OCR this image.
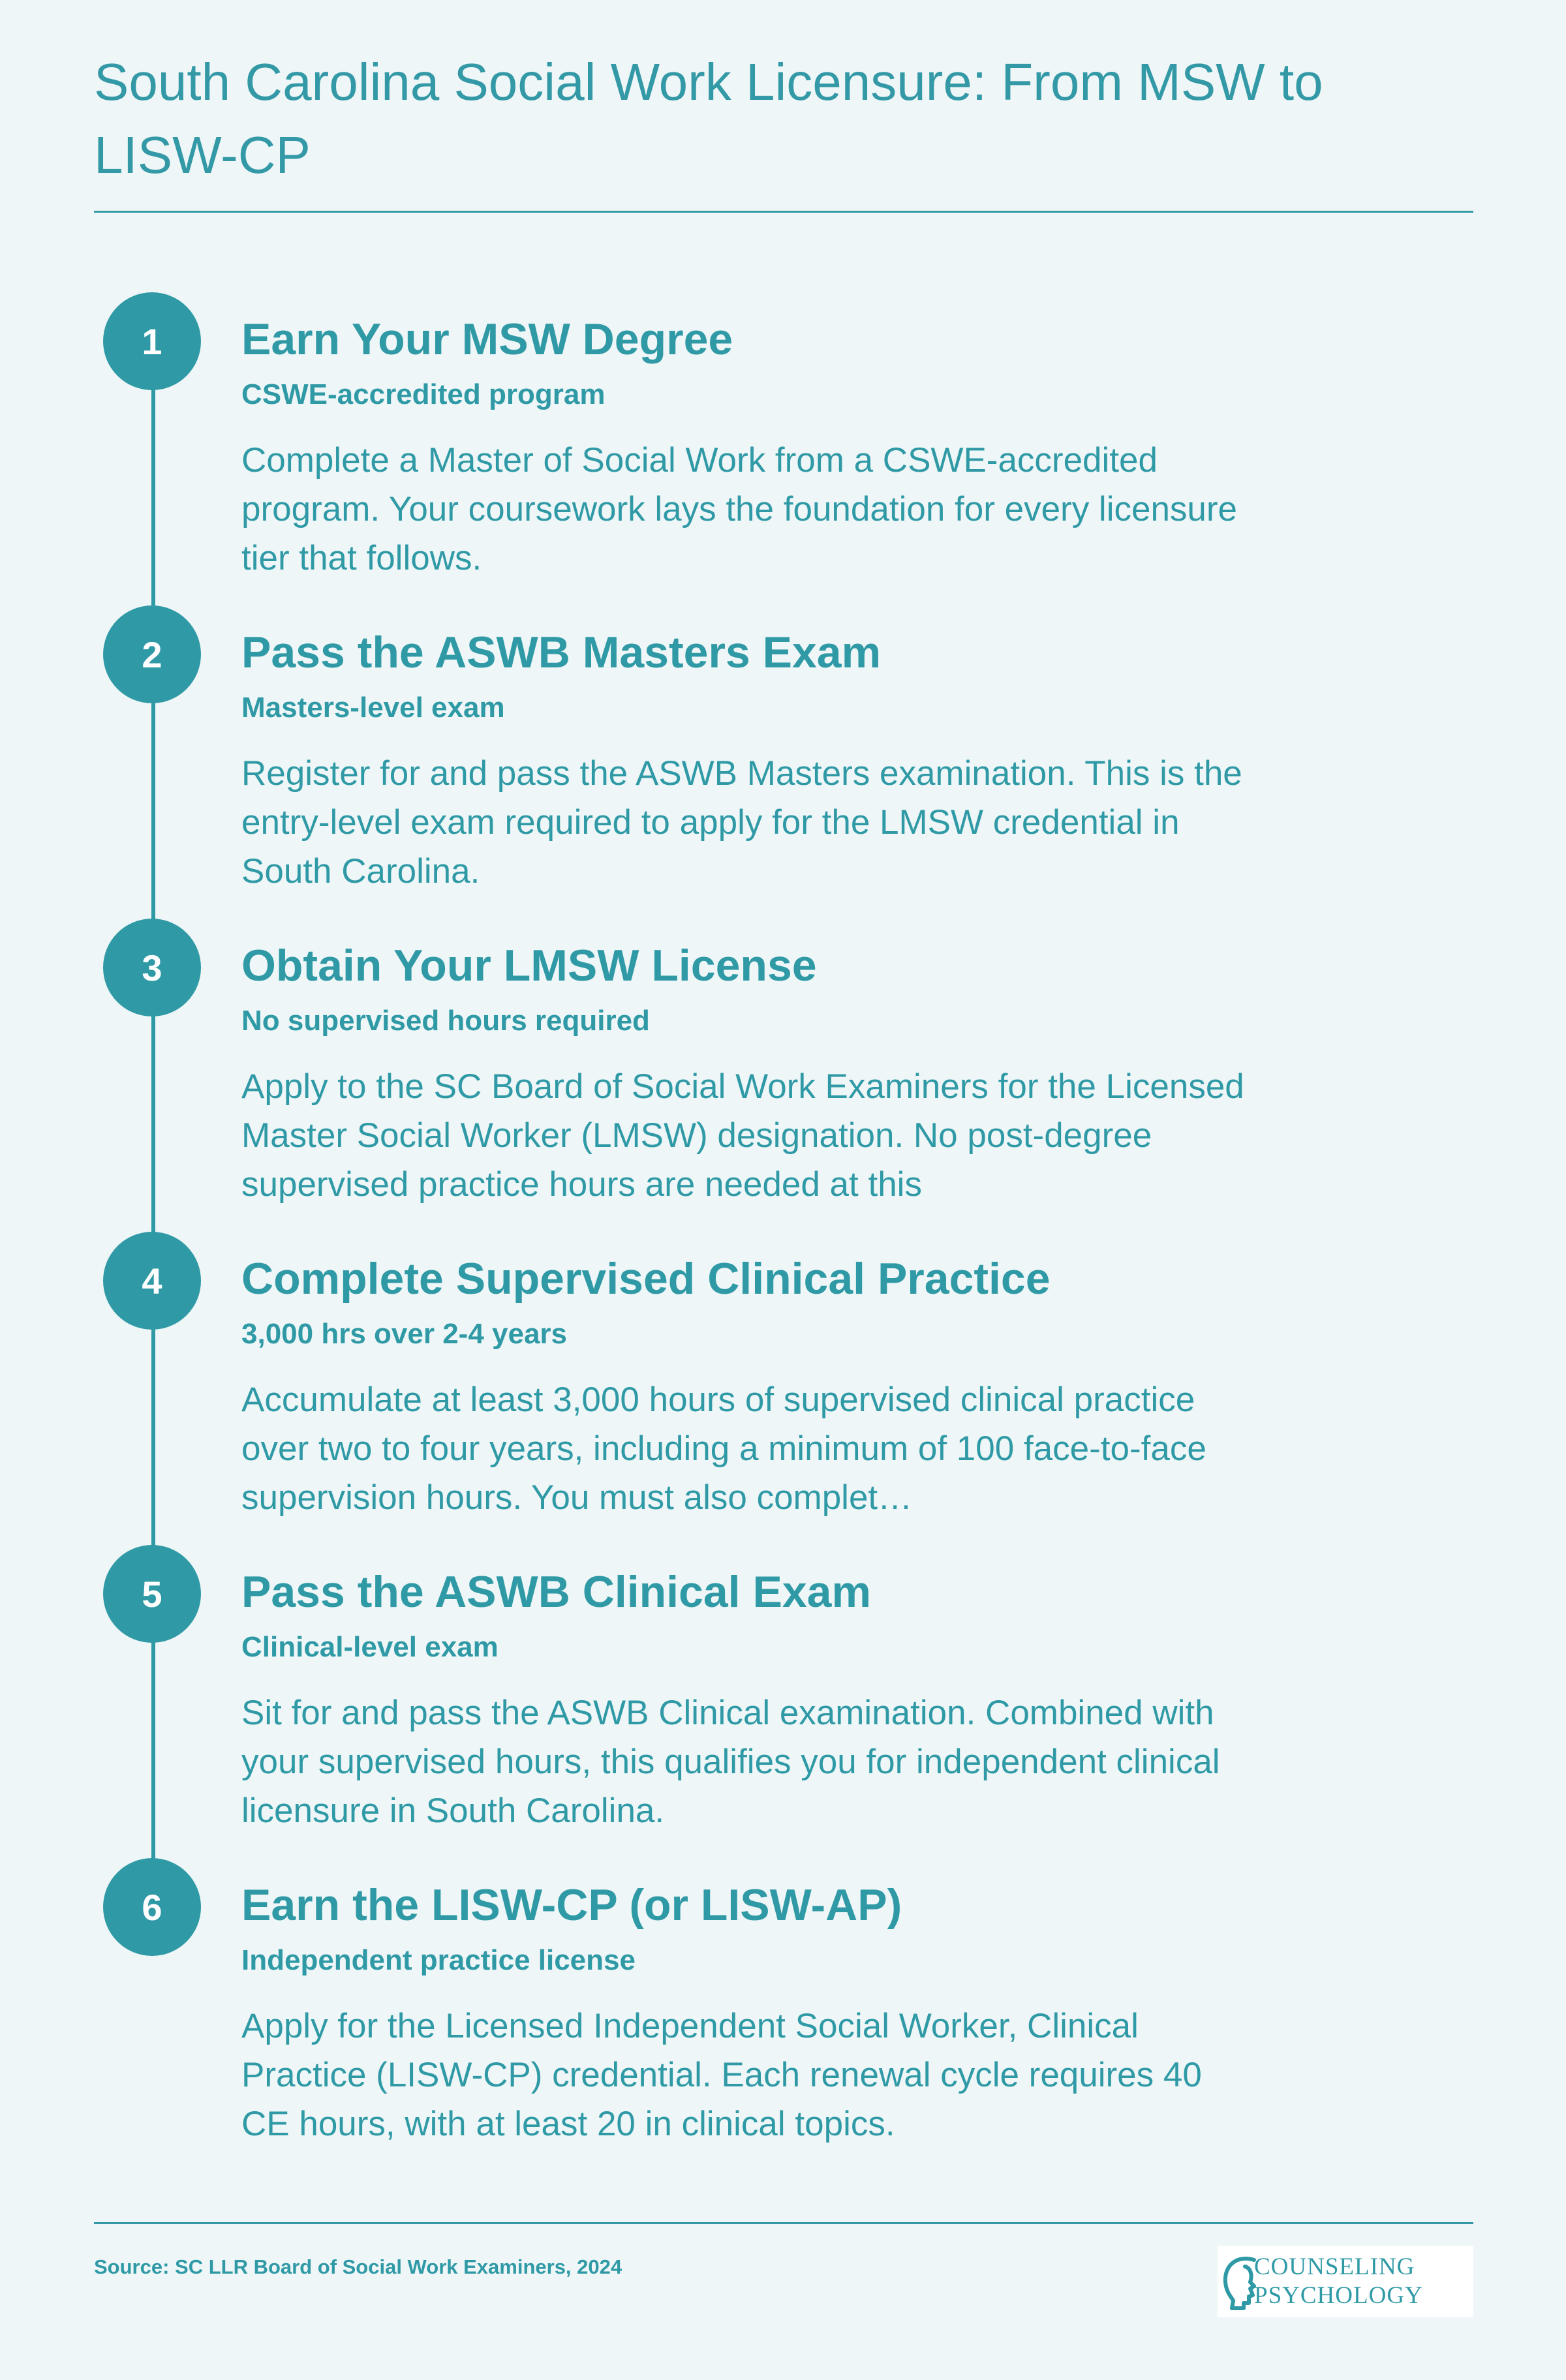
South Carolina Social Work Licensure: From MSW to LISW-CP
1	Earn Your MSW Degree
CSWE-accredited program

Complete a Master of Social Work from a CSWE-accredited program. Your coursework lays the foundation for every licensure tier that follows.

2	Pass the ASWB Masters Exam
Masters-level exam

Register for and pass the ASWB Masters examination. This is the entry-level exam required to apply for the LMSW credential in South Carolina.

3	Obtain Your LMSW License
No supervised hours required

Apply to the SC Board of Social Work Examiners for the Licensed Master Social Worker (LMSW) designation. No post-degree supervised practice hours are needed at this

4	Complete Supervised Clinical Practice
3,000 hrs over 2-4 years

Accumulate at least 3,000 hours of supervised clinical practice over two to four years, including a minimum of 100 face-to-face supervision hours. You must also complet…

5	Pass the ASWB Clinical Exam
Clinical-level exam

Sit for and pass the ASWB Clinical examination. Combined with your supervised hours, this qualifies you for independent clinical licensure in South Carolina.

6	Earn the LISW-CP (or LISW-AP)
Independent practice license

Apply for the Licensed Independent Social Worker, Clinical Practice (LISW-CP) credential. Each renewal cycle requires 40 CE hours, with at least 20 in clinical topics.

Source: SC LLR Board of Social Work Examiners, 2024	COUNSELING
PSYCHOLOGY
